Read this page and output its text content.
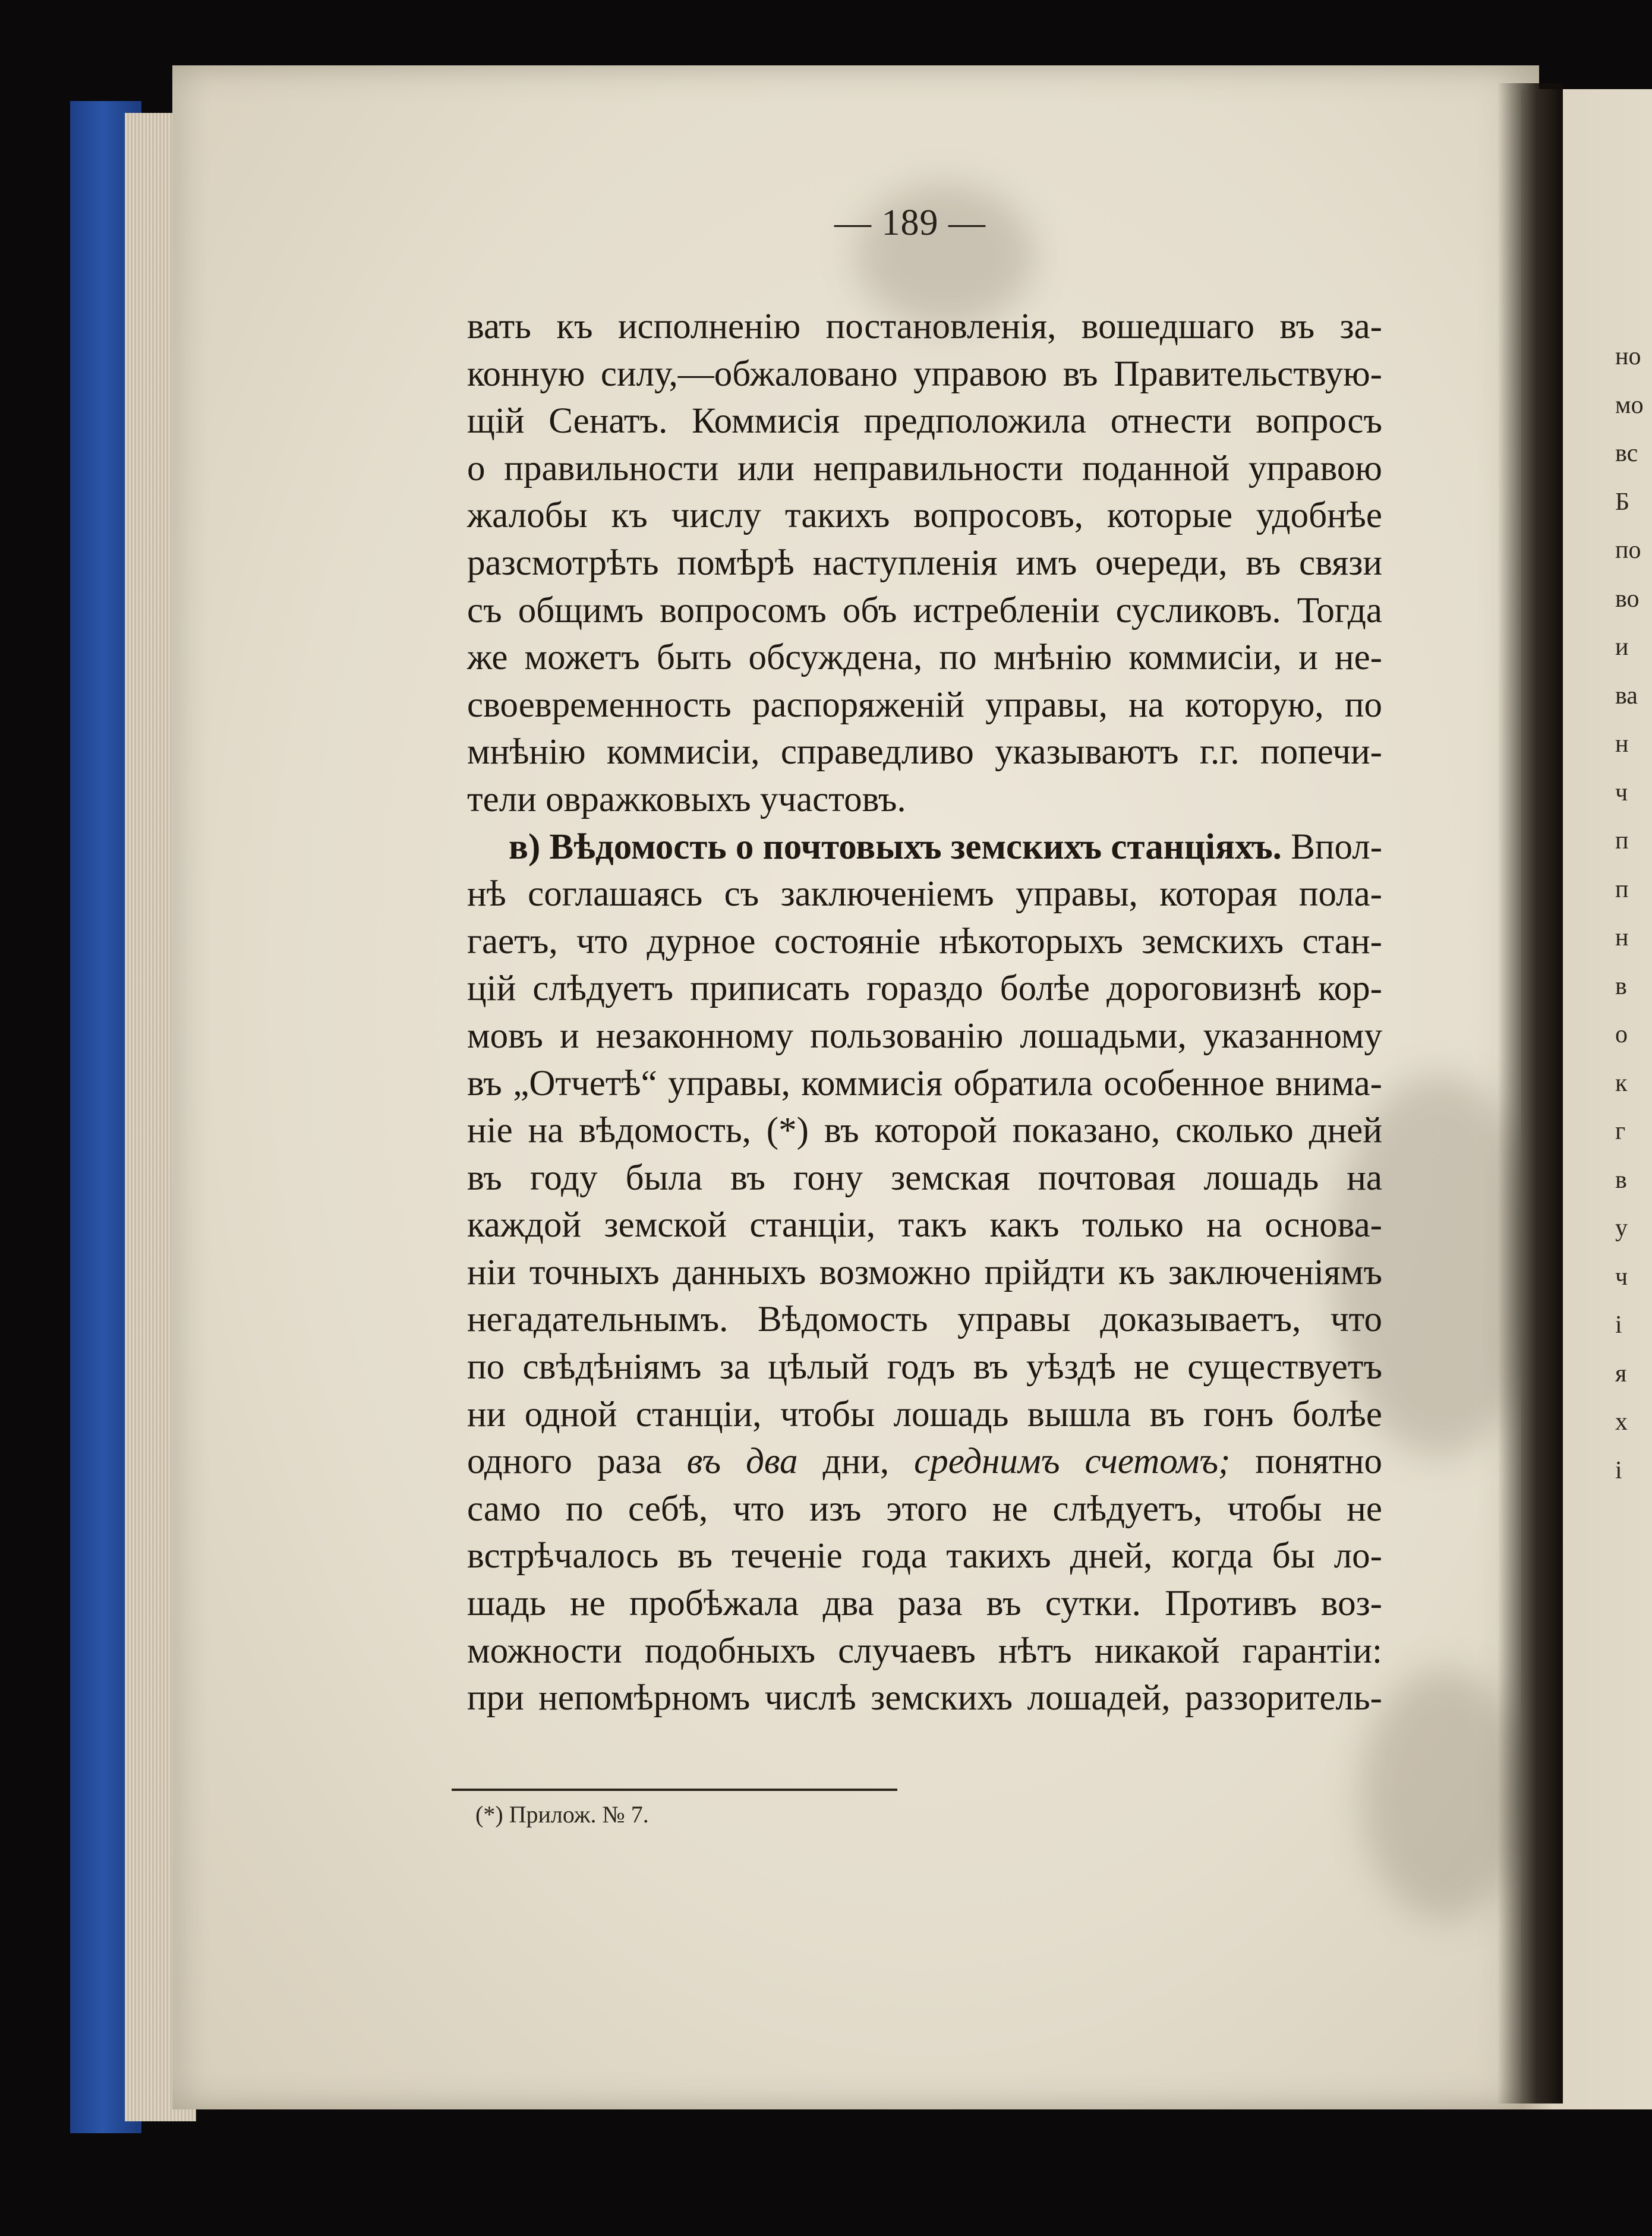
но
мо
вс
Б
по
во
и
ва
н
ч
п
п
н
в
о
к
г
в
у
ч
і
я
х
і
— 189 —
вать къ исполненію постановленія, вошедшаго въ за-
конную силу,—обжаловано управою въ Правительствую-
щій Сенатъ. Коммисія предположила отнести вопросъ
о правильности или неправильности поданной управою
жалобы къ числу такихъ вопросовъ, которые удобнѣе
разсмотрѣть помѣрѣ наступленія имъ очереди, въ связи
съ общимъ вопросомъ объ истребленіи сусликовъ. Тогда
же можетъ быть обсуждена, по мнѣнію коммисіи, и не-
своевременность распоряженій управы, на которую, по
мнѣнію коммисіи, справедливо указываютъ г.г. попечи-
тели овражковыхъ участовъ.
в) Вѣдомость о почтовыхъ земскихъ станціяхъ. Впол-
нѣ соглашаясь съ заключеніемъ управы, которая пола-
гаетъ, что дурное состояніе нѣкоторыхъ земскихъ стан-
цій слѣдуетъ приписать гораздо болѣе дороговизнѣ кор-
мовъ и незаконному пользованію лошадьми, указанному
въ „Отчетѣ“ управы, коммисія обратила особенное внима-
ніе на вѣдомость, (*) въ которой показано, сколько дней
въ году была въ гону земская почтовая лошадь на
каждой земской станціи, такъ какъ только на основа-
ніи точныхъ данныхъ возможно прійдти къ заключеніямъ
негадательнымъ. Вѣдомость управы доказываетъ, что
по свѣдѣніямъ за цѣлый годъ въ уѣздѣ не существуетъ
ни одной станціи, чтобы лошадь вышла въ гонъ болѣе
одного раза въ два дни, среднимъ счетомъ; понятно
само по себѣ, что изъ этого не слѣдуетъ, чтобы не
встрѣчалось въ теченіе года такихъ дней, когда бы ло-
шадь не пробѣжала два раза въ сутки. Противъ воз-
можности подобныхъ случаевъ нѣтъ никакой гарантіи:
при непомѣрномъ числѣ земскихъ лошадей, раззоритель-
(*) Прилож. № 7.
